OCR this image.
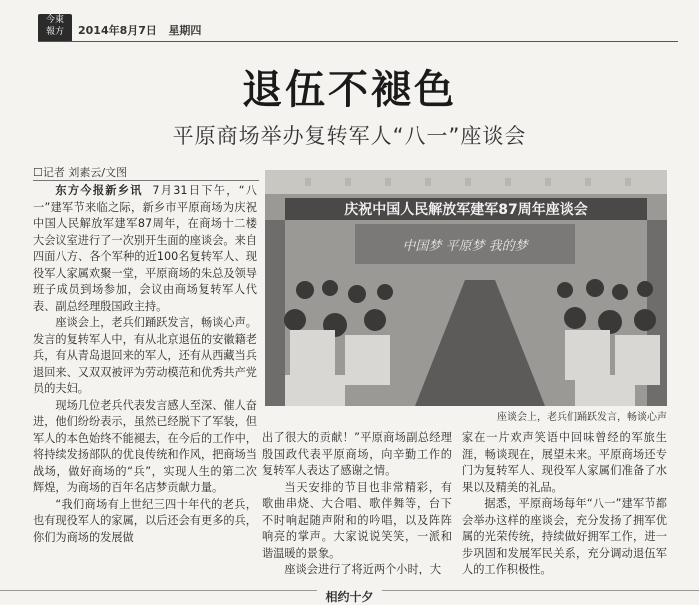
今東
報方	2014年8月7日 星期四
退伍不褪色
平原商场举办复转军人“八一”座谈会
☐记者 刘素云/文图

东方今报新乡讯 7月31日下午，“八一”建军节来临之际，新乡市平原商场为庆祝中国人民解放军建军87周年，在商场十二楼大会议室进行了一次别开生面的座谈会。来自四面八方、各个军种的近100名复转军人、现役军人家属欢聚一堂，平原商场的朱总及领导班子成员到场参加，会议由商场复转军人代表、副总经理殷国政主持。

座谈会上，老兵们踊跃发言，畅谈心声。发言的复转军人中，有从北京退伍的安徽籍老兵，有从青岛退回来的军人，还有从西藏当兵退回来、又双双被评为劳动模范和优秀共产党员的夫妇。

现场几位老兵代表发言感人至深、催人奋进，他们纷纷表示，虽然已经脱下了军装，但军人的本色始终不能褪去，在今后的工作中，将持续发扬部队的优良传统和作风，把商场当战场，做好商场的“兵”，实现人生的第二次辉煌，为商场的百年名店梦贡献力量。

“我们商场有上世纪三四十年代的老兵，也有现役军人的家属，以后还会有更多的兵，你们为商场的发展做

庆祝中国人民解放军建军87周年座谈会
中国梦 平原梦 我的梦
座谈会上，老兵们踊跃发言，畅谈心声

出了很大的贡献！”平原商场副总经理殷国政代表平原商场，向辛勤工作的复转军人表达了感谢之情。

当天安排的节目也非常精彩，有歌曲串烧、大合唱、歌伴舞等，台下不时响起随声附和的吟唱，以及阵阵响亮的掌声。大家说说笑笑，一派和谐温暖的景象。

座谈会进行了将近两个小时，大

家在一片欢声笑语中回味曾经的军旅生涯，畅谈现在，展望未来。平原商场还专门为复转军人、现役军人家属们准备了水果以及精美的礼品。

据悉，平原商场每年“八一”建军节都会举办这样的座谈会，充分发扬了拥军优属的光荣传统，持续做好拥军工作，进一步巩固和发展军民关系，充分调动退伍军人的工作积极性。

相约十夕
